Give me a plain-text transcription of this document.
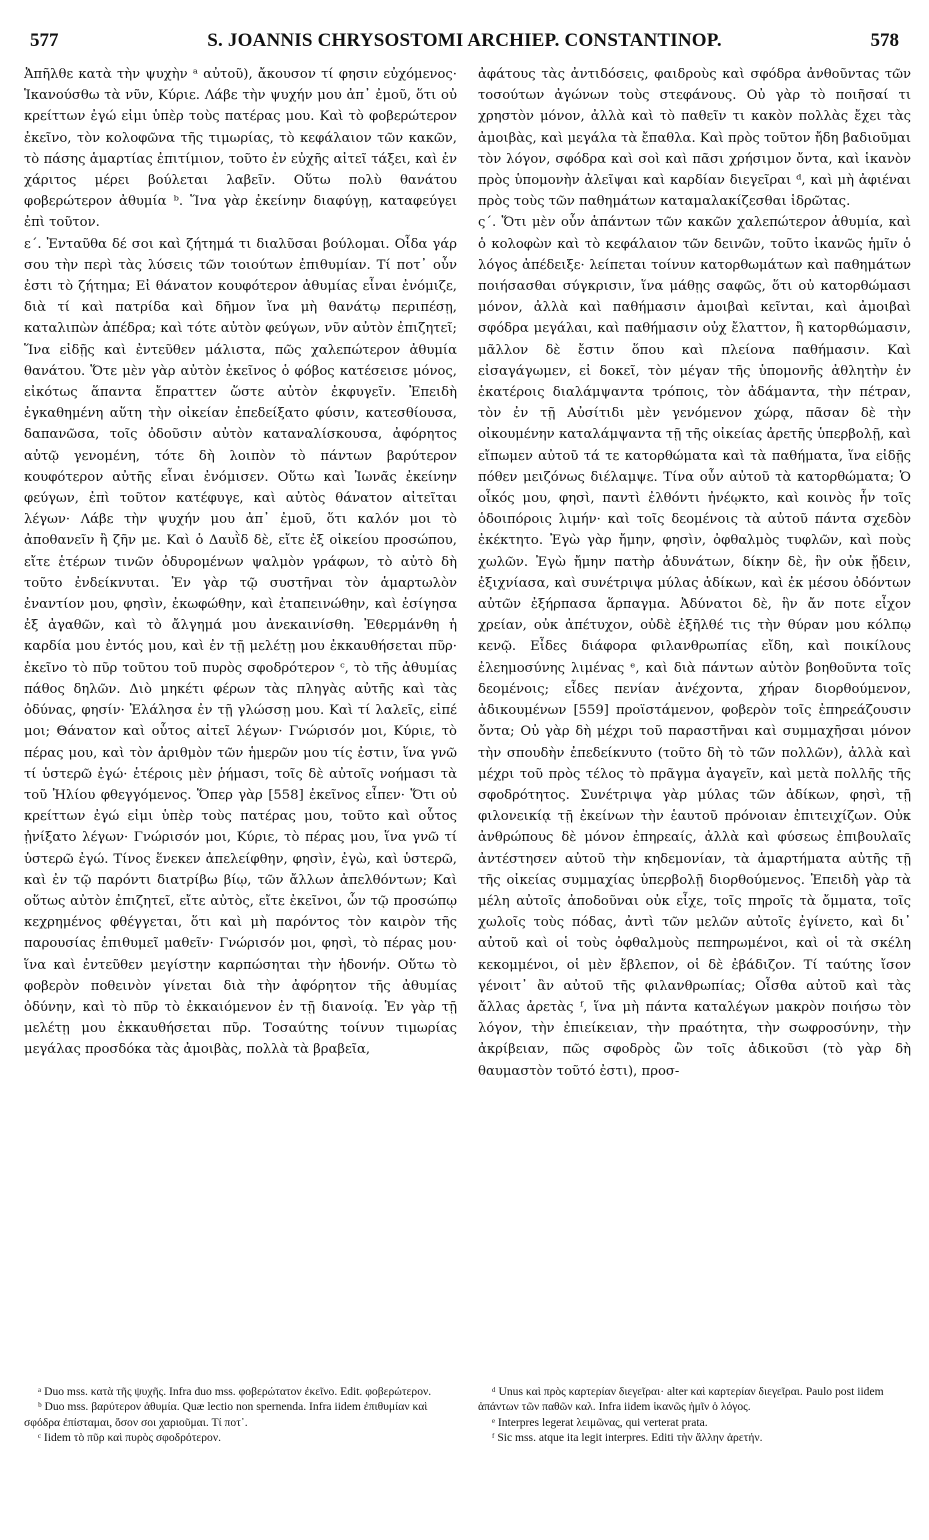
577	S. JOANNIS CHRYSOSTOMI ARCHIEP. CONSTANTINOP.	578

Ἀπῆλθε κατὰ τὴν ψυχὴν ᵃ αὐτοῦ), ἄκουσον τί φησιν εὐχόμενος· Ἱκανούσθω τὰ νῦν, Κύριε. Λάβε τὴν ψυχήν μου ἀπ᾽ ἐμοῦ, ὅτι οὐ κρείττων ἐγώ εἰμι ὑπὲρ τοὺς πατέρας μου. Καὶ τὸ φοβερώτερον ἐκεῖνο, τὸν κολοφῶνα τῆς τιμωρίας, τὸ κεφάλαιον τῶν κακῶν, τὸ πάσης ἁμαρτίας ἐπιτίμιον, τοῦτο ἐν εὐχῆς αἰτεῖ τάξει, καὶ ἐν χάριτος μέρει βούλεται λαβεῖν. Οὕτω πολὺ θανάτου φοβερώτερον ἀθυμία ᵇ. Ἵνα γὰρ ἐκείνην διαφύγῃ, καταφεύγει ἐπὶ τοῦτον.

ε´. Ἐνταῦθα δέ σοι καὶ ζήτημά τι διαλῦσαι βούλομαι. Οἶδα γάρ σου τὴν περὶ τὰς λύσεις τῶν τοιούτων ἐπιθυμίαν. Τί ποτ᾽ οὖν ἐστι τὸ ζήτημα; Εἰ θάνατον κουφότερον ἀθυμίας εἶναι ἐνόμιζε, διὰ τί καὶ πατρίδα καὶ δῆμον ἵνα μὴ θανάτῳ περιπέσῃ, καταλιπὼν ἀπέδρα; καὶ τότε αὐτὸν φεύγων, νῦν αὐτὸν ἐπιζητεῖ; Ἵνα εἰδῇς καὶ ἐντεῦθεν μάλιστα, πῶς χαλεπώτερον ἀθυμία θανάτου. Ὅτε μὲν γὰρ αὐτὸν ἐκεῖνος ὁ φόβος κατέσεισε μόνος, εἰκότως ἅπαντα ἔπραττεν ὥστε αὐτὸν ἐκφυγεῖν. Ἐπειδὴ ἐγκαθημένη αὕτη τὴν οἰκείαν ἐπεδείξατο φύσιν, κατεσθίουσα, δαπανῶσα, τοῖς ὀδοῦσιν αὐτὸν καταναλίσκουσα, ἀφόρητος αὐτῷ γενομένη, τότε δὴ λοιπὸν τὸ πάντων βαρύτερον κουφότερον αὐτῆς εἶναι ἐνόμισεν. Οὕτω καὶ Ἰωνᾶς ἐκείνην φεύγων, ἐπὶ τοῦτον κατέφυγε, καὶ αὐτὸς θάνατον αἰτεῖται λέγων· Λάβε τὴν ψυχήν μου ἀπ᾽ ἐμοῦ, ὅτι καλόν μοι τὸ ἀποθανεῖν ἢ ζῆν με. Καὶ ὁ Δαυῒδ δὲ, εἴτε ἐξ οἰκείου προσώπου, εἴτε ἑτέρων τινῶν ὀδυρομένων ψαλμὸν γράφων, τὸ αὐτὸ δὴ τοῦτο ἐνδείκνυται. Ἐν γὰρ τῷ συστῆναι τὸν ἁμαρτωλὸν ἐναντίον μου, φησὶν, ἐκωφώθην, καὶ ἐταπεινώθην, καὶ ἐσίγησα ἐξ ἀγαθῶν, καὶ τὸ ἄλγημά μου ἀνεκαινίσθη. Ἐθερμάνθη ἡ καρδία μου ἐντός μου, καὶ ἐν τῇ μελέτῃ μου ἐκκαυθήσεται πῦρ· ἐκεῖνο τὸ πῦρ τοῦτου τοῦ πυρὸς σφοδρότερον ᶜ, τὸ τῆς ἀθυμίας πάθος δηλῶν. Διὸ μηκέτι φέρων τὰς πληγὰς αὐτῆς καὶ τὰς ὀδύνας, φησίν· Ἐλάλησα ἐν τῇ γλώσσῃ μου. Καὶ τί λαλεῖς, εἰπέ μοι; Θάνατον καὶ οὗτος αἰτεῖ λέγων· Γνώρισόν μοι, Κύριε, τὸ πέρας μου, καὶ τὸν ἀριθμὸν τῶν ἡμερῶν μου τίς ἐστιν, ἵνα γνῶ τί ὑστερῶ ἐγώ· ἑτέροις μὲν ῥήμασι, τοῖς δὲ αὐτοῖς νοήμασι τὰ τοῦ Ἠλίου φθεγγόμενος. Ὅπερ γὰρ [558] ἐκεῖνος εἶπεν· Ὅτι οὐ κρείττων ἐγώ εἰμι ὑπὲρ τοὺς πατέρας μου, τοῦτο καὶ οὗτος ᾐνίξατο λέγων· Γνώρισόν μοι, Κύριε, τὸ πέρας μου, ἵνα γνῶ τί ὑστερῶ ἐγώ. Τίνος ἕνεκεν ἀπελείφθην, φησὶν, ἐγὼ, καὶ ὑστερῶ, καὶ ἐν τῷ παρόντι διατρίβω βίῳ, τῶν ἄλλων ἀπελθόντων; Καὶ οὕτως αὐτὸν ἐπιζητεῖ, εἴτε αὐτὸς, εἴτε ἐκεῖνοι, ὧν τῷ προσώπῳ κεχρημένος φθέγγεται, ὅτι καὶ μὴ παρόντος τὸν καιρὸν τῆς παρουσίας ἐπιθυμεῖ μαθεῖν· Γνώρισόν μοι, φησὶ, τὸ πέρας μου· ἵνα καὶ ἐντεῦθεν μεγίστην καρπώσηται τὴν ἡδονήν. Οὕτω τὸ φοβερὸν ποθεινὸν γίνεται διὰ τὴν ἀφόρητον τῆς ἀθυμίας ὀδύνην, καὶ τὸ πῦρ τὸ ἐκκαιόμενον ἐν τῇ διανοίᾳ. Ἐν γὰρ τῇ μελέτῃ μου ἐκκαυθήσεται πῦρ. Τοσαύτης τοίνυν τιμωρίας μεγάλας προσδόκα τὰς ἀμοιβὰς, πολλὰ τὰ βραβεῖα,

ἀφάτους τὰς ἀντιδόσεις, φαιδροὺς καὶ σφόδρα ἀνθοῦντας τῶν τοσούτων ἀγώνων τοὺς στεφάνους. Οὐ γὰρ τὸ ποιῆσαί τι χρηστὸν μόνον, ἀλλὰ καὶ τὸ παθεῖν τι κακὸν πολλὰς ἔχει τὰς ἀμοιβὰς, καὶ μεγάλα τὰ ἔπαθλα. Καὶ πρὸς τοῦτον ἤδη βαδιοῦμαι τὸν λόγον, σφόδρα καὶ σοὶ καὶ πᾶσι χρήσιμον ὄντα, καὶ ἱκανὸν πρὸς ὑπομονὴν ἀλεῖψαι καὶ καρδίαν διεγεῖραι ᵈ, καὶ μὴ ἀφιέναι πρὸς τοὺς τῶν παθημάτων καταμαλακίζεσθαι ἱδρῶτας.

ς´. Ὅτι μὲν οὖν ἁπάντων τῶν κακῶν χαλεπώτερον ἀθυμία, καὶ ὁ κολοφὼν καὶ τὸ κεφάλαιον τῶν δεινῶν, τοῦτο ἱκανῶς ἡμῖν ὁ λόγος ἀπέδειξε· λείπεται τοίνυν κατορθωμάτων καὶ παθημάτων ποιήσασθαι σύγκρισιν, ἵνα μάθῃς σαφῶς, ὅτι οὐ κατορθώμασι μόνον, ἀλλὰ καὶ παθήμασιν ἀμοιβαὶ κεῖνται, καὶ ἀμοιβαὶ σφόδρα μεγάλαι, καὶ παθήμασιν οὐχ ἔλαττον, ἢ κατορθώμασιν, μᾶλλον δὲ ἔστιν ὅπου καὶ πλείονα παθήμασιν. Καὶ εἰσαγάγωμεν, εἰ δοκεῖ, τὸν μέγαν τῆς ὑπομονῆς ἀθλητὴν ἐν ἑκατέροις διαλάμψαντα τρόποις, τὸν ἀδάμαντα, τὴν πέτραν, τὸν ἐν τῇ Αὐσίτιδι μὲν γενόμενον χώρᾳ, πᾶσαν δὲ τὴν οἰκουμένην καταλάμψαντα τῇ τῆς οἰκείας ἀρετῆς ὑπερβολῇ, καὶ εἴπωμεν αὐτοῦ τά τε κατορθώματα καὶ τὰ παθήματα, ἵνα εἰδῇς πόθεν μειζόνως διέλαμψε. Τίνα οὖν αὐτοῦ τὰ κατορθώματα; Ὁ οἶκός μου, φησὶ, παντὶ ἐλθόντι ἠνέῳκτο, καὶ κοινὸς ἦν τοῖς ὁδοιπόροις λιμήν· καὶ τοῖς δεομένοις τὰ αὐτοῦ πάντα σχεδὸν ἐκέκτητο. Ἐγὼ γὰρ ἤμην, φησὶν, ὀφθαλμὸς τυφλῶν, καὶ ποὺς χωλῶν. Ἐγὼ ἤμην πατὴρ ἀδυνάτων, δίκην δὲ, ἣν οὐκ ᾔδειν, ἐξιχνίασα, καὶ συνέτριψα μύλας ἀδίκων, καὶ ἐκ μέσου ὀδόντων αὐτῶν ἐξήρπασα ἅρπαγμα. Ἀδύνατοι δὲ, ἣν ἄν ποτε εἶχον χρείαν, οὐκ ἀπέτυχον, οὐδὲ ἐξῆλθέ τις τὴν θύραν μου κόλπῳ κενῷ. Εἶδες διάφορα φιλανθρωπίας εἴδη, καὶ ποικίλους ἐλεημοσύνης λιμένας ᵉ, καὶ διὰ πάντων αὐτὸν βοηθοῦντα τοῖς δεομένοις; εἶδες πενίαν ἀνέχοντα, χήραν διορθούμενον, ἀδικουμένων [559] προϊστάμενον, φοβερὸν τοῖς ἐπηρεάζουσιν ὄντα; Οὐ γὰρ δὴ μέχρι τοῦ παραστῆναι καὶ συμμαχῆσαι μόνον τὴν σπουδὴν ἐπεδείκνυτο (τοῦτο δὴ τὸ τῶν πολλῶν), ἀλλὰ καὶ μέχρι τοῦ πρὸς τέλος τὸ πρᾶγμα ἀγαγεῖν, καὶ μετὰ πολλῆς τῆς σφοδρότητος. Συνέτριψα γὰρ μύλας τῶν ἀδίκων, φησὶ, τῇ φιλονεικίᾳ τῇ ἐκείνων τὴν ἑαυτοῦ πρόνοιαν ἐπιτειχίζων. Οὐκ ἀνθρώπους δὲ μόνον ἐπηρεαίς, ἀλλὰ καὶ φύσεως ἐπιβουλαῖς ἀντέστησεν αὐτοῦ τὴν κηδεμονίαν, τὰ ἁμαρτήματα αὐτῆς τῇ τῆς οἰκείας συμμαχίας ὑπερβολῇ διορθούμενος. Ἐπειδὴ γὰρ τὰ μέλη αὐτοῖς ἀποδοῦναι οὐκ εἶχε, τοῖς πηροῖς τὰ ὄμματα, τοῖς χωλοῖς τοὺς πόδας, ἀντὶ τῶν μελῶν αὐτοῖς ἐγίνετο, καὶ δι᾽ αὐτοῦ καὶ οἱ τοὺς ὀφθαλμοὺς πεπηρωμένοι, καὶ οἱ τὰ σκέλη κεκομμένοι, οἱ μὲν ἔβλεπον, οἱ δὲ ἐβάδιζον. Τί ταύτης ἴσον γένοιτ᾽ ἂν αὐτοῦ τῆς φιλανθρωπίας; Οἶσθα αὐτοῦ καὶ τὰς ἄλλας ἀρετὰς ᶠ, ἵνα μὴ πάντα καταλέγων μακρὸν ποιήσω τὸν λόγον, τὴν ἐπιείκειαν, τὴν πραότητα, τὴν σωφροσύνην, τὴν ἀκρίβειαν, πῶς σφοδρὸς ὢν τοῖς ἀδικοῦσι (τὸ γὰρ δὴ θαυμαστὸν τοῦτό ἐστι), προσ-

ᵃ Duo mss. κατὰ τῆς ψυχῆς. Infra duo mss. φοβερώτατον ἐκεῖνο. Edit. φοβερώτερον.

ᵇ Duo mss. βαρύτερον ἀθυμία. Quæ lectio non spernenda. Infra iidem ἐπιθυμίαν καὶ σφόδρα ἐπίσταμαι, ὅσον σοι χαριοῦμαι. Τί ποτ᾽.

ᶜ Iidem τὸ πῦρ καὶ πυρὸς σφοδρότερον.

ᵈ Unus καὶ πρὸς καρτερίαν διεγεῖραι· alter καὶ καρτερίαν διεγεῖραι. Paulo post iidem ἁπάντων τῶν παθῶν καλ. Infra iidem ἱκανῶς ἡμῖν ὁ λόγος.

ᵉ Interpres legerat λειμῶνας, qui verterat prata.

ᶠ Sic mss. atque ita legit interpres. Editi τὴν ἄλλην ἀρετήν.
